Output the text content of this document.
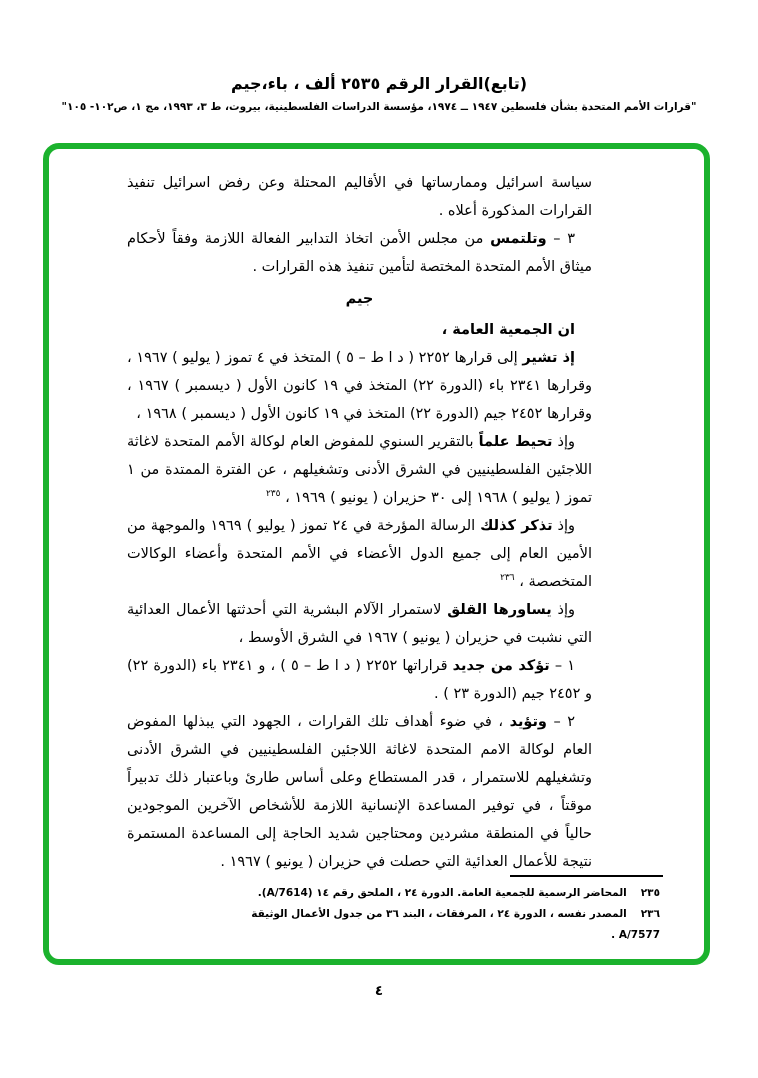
(تابع)القرار الرقم ٢٥٣٥ ألف ، باء،جيم
"قرارات الأمم المتحدة بشأن فلسطين ١٩٤٧ ــ ١٩٧٤، مؤسسة الدراسات الفلسطينية، بيروت، ط ٣، ١٩٩٣، مج ١، ص١٠٢- ١٠٥"

سياسة اسرائيل وممارساتها في الأقاليم المحتلة وعن رفض اسرائيل تنفيذ القرارات المذكورة أعلاه .

٣ – وتلتمس من مجلس الأمن اتخاذ التدابير الفعالة اللازمة وفقاً لأحكام ميثاق الأمم المتحدة المختصة لتأمين تنفيذ هذه القرارات .

جيم

ان الجمعية العامة ،

إذ تشير إلى قرارها ٢٢٥٢ ( د ا ط – ٥ ) المتخذ في ٤ تموز ( يوليو ) ١٩٦٧ ، وقرارها ٢٣٤١ باء (الدورة ٢٢) المتخذ في ١٩ كانون الأول ( ديسمبر ) ١٩٦٧ ، وقرارها ٢٤٥٢ جيم (الدورة ٢٢) المتخذ في ١٩ كانون الأول ( ديسمبر ) ١٩٦٨ ،

وإذ تحيط علماً بالتقرير السنوي للمفوض العام لوكالة الأمم المتحدة لاغاثة اللاجئين الفلسطينيين في الشرق الأدنى وتشغيلهم ، عن الفترة الممتدة من ١ تموز ( يوليو ) ١٩٦٨ إلى ٣٠ حزيران ( يونيو ) ١٩٦٩ ، $^{٢٣٥}$

وإذ تذكر كذلك الرسالة المؤرخة في ٢٤ تموز ( يوليو ) ١٩٦٩ والموجهة من الأمين العام إلى جميع الدول الأعضاء في الأمم المتحدة وأعضاء الوكالات المتخصصة ، $^{٢٣٦}$

وإذ يساورها القلق لاستمرار الآلام البشرية التي أحدثتها الأعمال العدائية التي نشبت في حزيران ( يونيو ) ١٩٦٧ في الشرق الأوسط ،

١ – تؤكد من جديد قراراتها ٢٢٥٢ ( د ا ط – ٥ ) ، و ٢٣٤١ باء (الدورة ٢٢) و ٢٤٥٢ جيم (الدورة ٢٣ ) .

٢ – وتؤيد ، في ضوء أهداف تلك القرارات ، الجهود التي يبذلها المفوض العام لوكالة الامم المتحدة لاغاثة اللاجئين الفلسطينيين في الشرق الأدنى وتشغيلهم للاستمرار ، قدر المستطاع وعلى أساس طارئ وباعتبار ذلك تدبيراً موقتاً ، في توفير المساعدة الإنسانية اللازمة للأشخاص الآخرين الموجودين حالياً في المنطقة مشردين ومحتاجين شديد الحاجة إلى المساعدة المستمرة نتيجة للأعمال العدائية التي حصلت في حزيران ( يونيو ) ١٩٦٧ .

٢٣٥المحاضر الرسمية للجمعية العامة. الدورة ٢٤ ، الملحق رقم ١٤ (A/7614).
٢٣٦المصدر نفسه ، الدورة ٢٤ ، المرفقات ، البند ٣٦ من جدول الأعمال الوثيقة A/7577 .
٤
